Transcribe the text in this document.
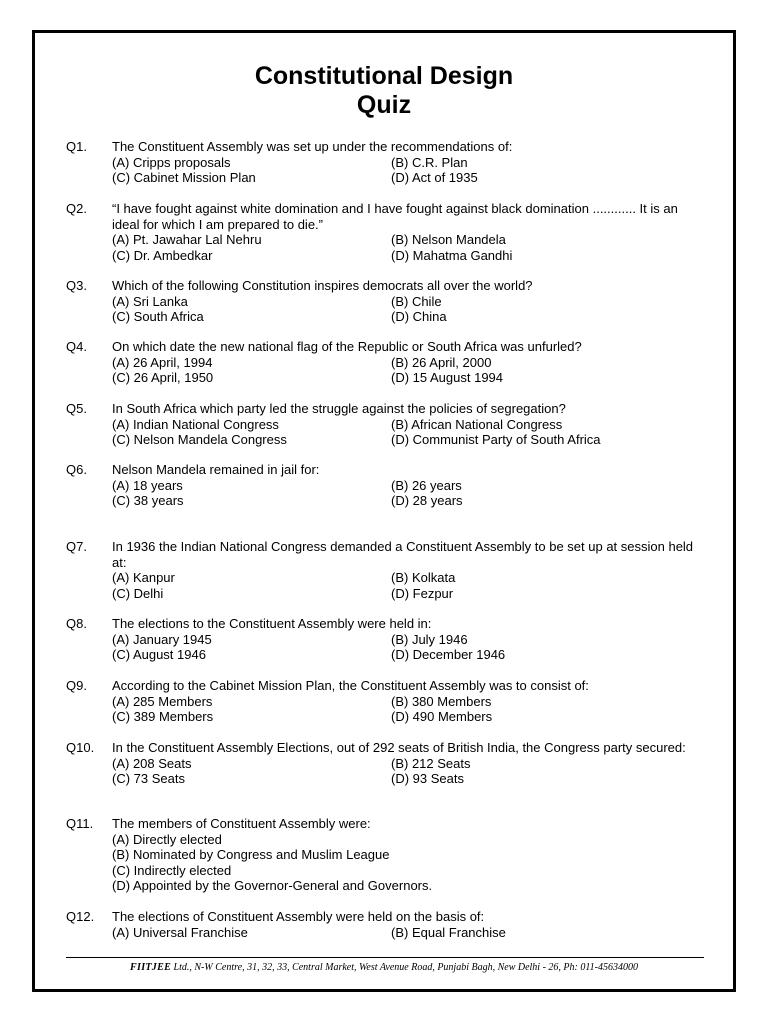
Constitutional Design
Quiz
Q1. The Constituent Assembly was set up under the recommendations of:
(A) Cripps proposals	(B) C.R. Plan
(C) Cabinet Mission Plan	(D) Act of 1935
Q2. “I have fought against white domination and I have fought against black domination ............ It is an ideal for which I am prepared to die.”
(A) Pt. Jawahar Lal Nehru	(B) Nelson Mandela
(C) Dr. Ambedkar	(D) Mahatma Gandhi
Q3. Which of the following Constitution inspires democrats all over the world?
(A) Sri Lanka	(B) Chile
(C) South Africa	(D) China
Q4. On which date the new national flag of the Republic or South Africa was unfurled?
(A) 26 April, 1994	(B) 26 April, 2000
(C) 26 April, 1950	(D) 15 August 1994
Q5. In South Africa which party led the struggle against the policies of segregation?
(A) Indian National Congress	(B) African National Congress
(C) Nelson Mandela Congress	(D) Communist Party of South Africa
Q6. Nelson Mandela remained in jail for:
(A) 18 years	(B) 26 years
(C) 38 years	(D) 28 years
Q7. In 1936 the Indian National Congress demanded a Constituent Assembly to be set up at session held at:
(A) Kanpur	(B) Kolkata
(C) Delhi	(D) Fezpur
Q8. The elections to the Constituent Assembly were held in:
(A) January 1945	(B) July 1946
(C) August 1946	(D) December 1946
Q9. According to the Cabinet Mission Plan, the Constituent Assembly was to consist of:
(A) 285 Members	(B) 380 Members
(C) 389 Members	(D) 490 Members
Q10. In the Constituent Assembly Elections, out of 292 seats of British India, the Congress party secured:
(A) 208 Seats	(B) 212 Seats
(C) 73 Seats	(D) 93 Seats
Q11. The members of Constituent Assembly were:
(A) Directly elected
(B) Nominated by Congress and Muslim League
(C) Indirectly elected
(D) Appointed by the Governor-General and Governors.
Q12. The elections of Constituent Assembly were held on the basis of:
(A) Universal Franchise	(B) Equal Franchise
FIITJEE Ltd., N-W Centre, 31, 32, 33, Central Market, West Avenue Road, Punjabi Bagh, New Delhi - 26, Ph: 011-45634000
